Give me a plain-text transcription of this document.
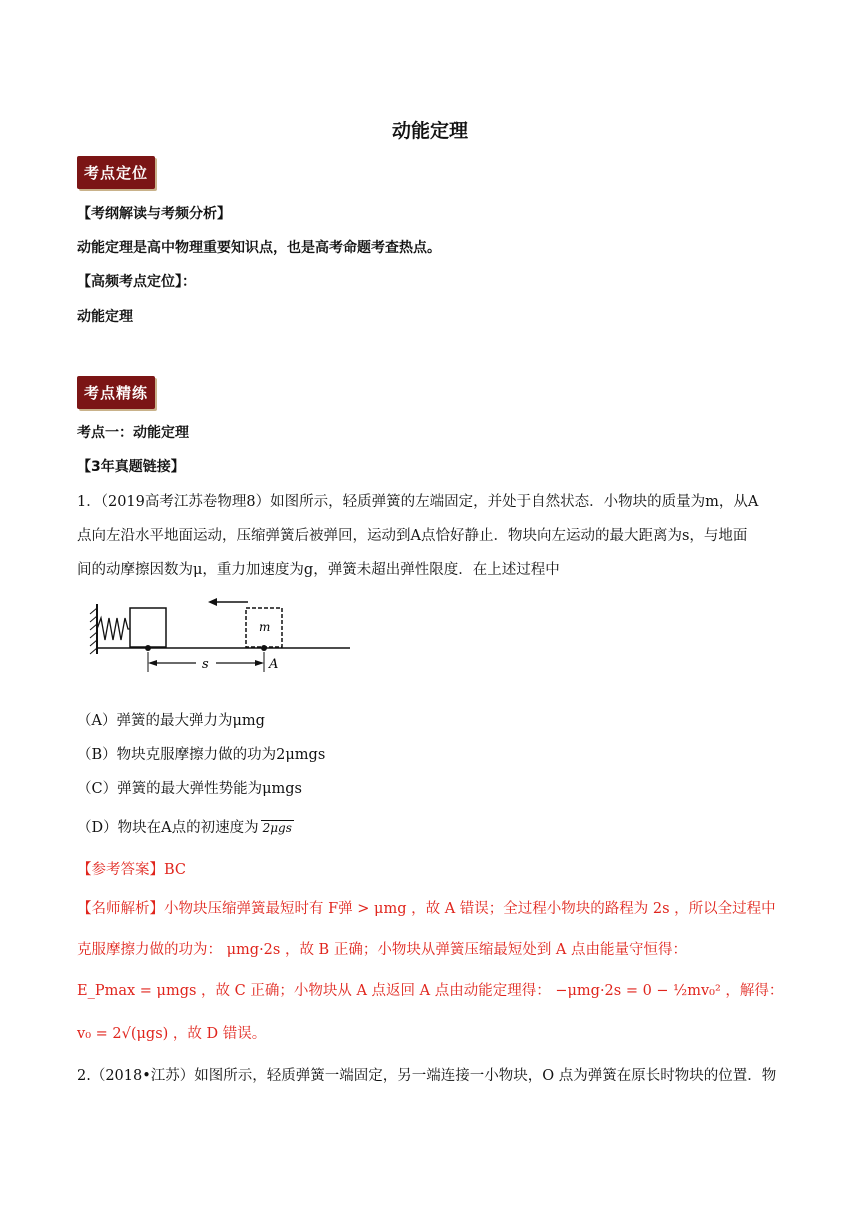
动能定理
考点定位
【考纲解读与考频分析】
动能定理是高中物理重要知识点，也是高考命题考查热点。
【高频考点定位】：
动能定理
考点精练
考点一：动能定理
【3年真题链接】
1．（2019高考江苏卷物理8）如图所示，轻质弹簧的左端固定，并处于自然状态．小物块的质量为m，从A
点向左沿水平地面运动，压缩弹簧后被弹回，运动到A点恰好静止．物块向左运动的最大距离为s，与地面
间的动摩擦因数为μ，重力加速度为g，弹簧未超出弹性限度．在上述过程中
m
s	A
（A）弹簧的最大弹力为μmg
（B）物块克服摩擦力做的功为2μmgs
（C）弹簧的最大弹性势能为μmgs
（D）物块在A点的初速度为 2μgs
【参考答案】BC
【名师解析】小物块压缩弹簧最短时有 F弹 > μmg ，故 A 错误；全过程小物块的路程为 2s ，所以全过程中
克服摩擦力做的功为： μmg·2s ，故 B 正确；小物块从弹簧压缩最短处到 A 点由能量守恒得：
E_Pmax = μmgs ，故 C 正确；小物块从 A 点返回 A 点由动能定理得： −μmg·2s = 0 − ½mv₀² ，解得：
v₀ = 2√(μgs) ，故 D 错误。
2.（2018•江苏）如图所示，轻质弹簧一端固定，另一端连接一小物块，O 点为弹簧在原长时物块的位置．物
